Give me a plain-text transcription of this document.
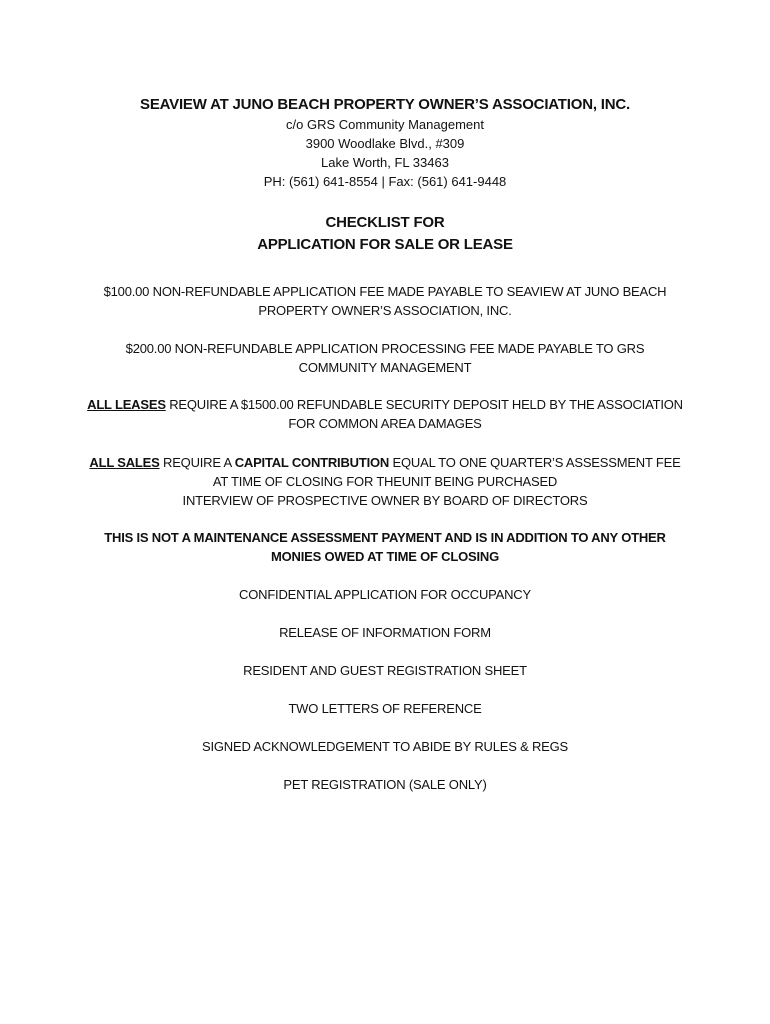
SEAVIEW AT JUNO BEACH PROPERTY OWNER’S ASSOCIATION, INC.
c/o GRS Community Management
3900 Woodlake Blvd., #309
Lake Worth, FL 33463
PH: (561) 641-8554 | Fax: (561) 641-9448
CHECKLIST FOR
APPLICATION FOR SALE OR LEASE
$100.00 NON-REFUNDABLE APPLICATION FEE MADE PAYABLE TO SEAVIEW AT JUNO BEACH
PROPERTY OWNER’S ASSOCIATION, INC.
$200.00 NON-REFUNDABLE APPLICATION PROCESSING FEE MADE PAYABLE TO GRS
COMMUNITY MANAGEMENT
ALL LEASES REQUIRE A $1500.00 REFUNDABLE SECURITY DEPOSIT HELD BY THE ASSOCIATION
FOR COMMON AREA DAMAGES
ALL SALES REQUIRE A CAPITAL CONTRIBUTION EQUAL TO ONE QUARTER’S ASSESSMENT FEE
AT TIME OF CLOSING FOR THEUNIT BEING PURCHASED
INTERVIEW OF PROSPECTIVE OWNER BY BOARD OF DIRECTORS
THIS IS NOT A MAINTENANCE ASSESSMENT PAYMENT AND IS IN ADDITION TO ANY OTHER
MONIES OWED AT TIME OF CLOSING
CONFIDENTIAL APPLICATION FOR OCCUPANCY
RELEASE OF INFORMATION FORM
RESIDENT AND GUEST REGISTRATION SHEET
TWO LETTERS OF REFERENCE
SIGNED ACKNOWLEDGEMENT TO ABIDE BY RULES & REGS
PET REGISTRATION (SALE ONLY)
